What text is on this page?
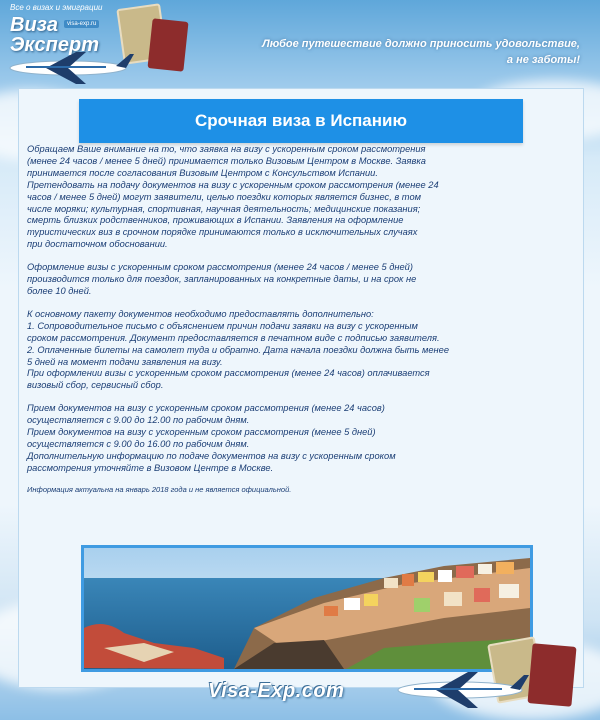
Все о визах и эмиграции
Виза	visa-exp.ru
Эксперт	Любое путешествие должно приносить удовольствие,
а не заботы!
Срочная виза в Испанию

Обращаем Ваше внимание на то, что заявка на визу с ускоренным сроком рассмотрения
(менее 24 часов / менее 5 дней) принимается только Визовым Центром в Москве. Заявка
принимается после согласования Визовым Центром с Консульством Испании.
Претендовать на подачу документов на визу с ускоренным сроком рассмотрения (менее 24
часов / менее 5 дней) могут заявители, целью поездки которых является бизнес, в том
числе моряки; культурная, спортивная, научная деятельность; медицинские показания;
смерть близких родственников, проживающих в Испании. Заявления на оформление
туристических виз в срочном порядке принимаются только в исключительных случаях
при достаточном обосновании.

Оформление визы с ускоренным сроком рассмотрения (менее 24 часов / менее 5 дней)
производится только для поездок, запланированных на конкретные даты, и на срок не
более 10 дней.

К основному пакету документов необходимо предоставлять дополнительно:
1. Сопроводительное письмо с объяснением причин подачи заявки на визу с ускоренным
сроком рассмотрения. Документ предоставляется в печатном виде с подписью заявителя.
2. Оплаченные билеты на самолет туда и обратно. Дата начала поездки должна быть менее
5 дней на момент подачи заявления на визу.
При оформлении визы с ускоренным сроком рассмотрения (менее 24 часов) оплачивается
визовый сбор, сервисный сбор.

Прием документов на визу с ускоренным сроком рассмотрения (менее 24 часов)
осуществляется с 9.00 до 12.00 по рабочим дням.
Прием документов на визу с ускоренным сроком рассмотрения (менее 5 дней)
осуществляется с 9.00 до 16.00 по рабочим дням.
Дополнительную информацию по подаче документов на визу с ускоренным сроком
рассмотрения уточняйте в Визовом Центре в Москве.

Информация актуальна на январь 2018 года и не является официальной.
Visa-Exp.com
